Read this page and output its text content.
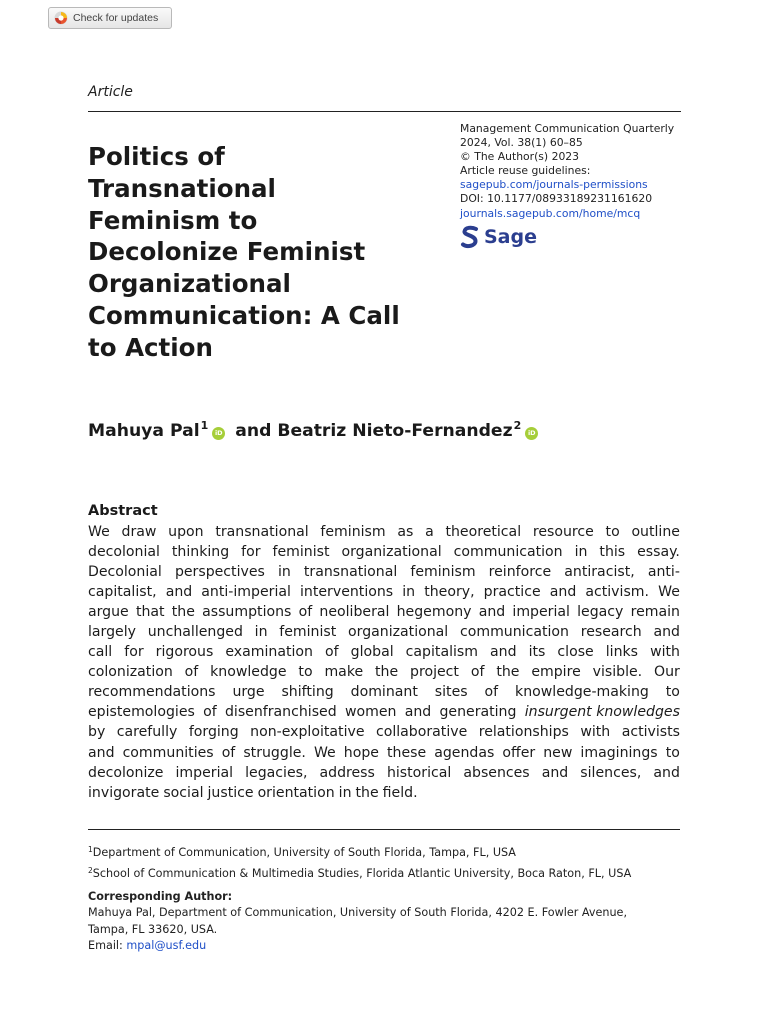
Check for updates
Article
Politics of
Transnational
Feminism to
Decolonize Feminist
Organizational
Communication: A Call
to Action
Management Communication Quarterly
2024, Vol. 38(1) 60–85
© The Author(s) 2023
Article reuse guidelines:
sagepub.com/journals-permissions
DOI: 10.1177/08933189231161620
journals.sagepub.com/home/mcq
Sage
Mahuya Pal$^1$iD and Beatriz Nieto-Fernandez$^2$iD
Abstract
We draw upon transnational feminism as a theoretical resource to outline
decolonial thinking for feminist organizational communication in this essay.
Decolonial perspectives in transnational feminism reinforce antiracist, anti-
capitalist, and anti-imperial interventions in theory, practice and activism. We
argue that the assumptions of neoliberal hegemony and imperial legacy remain
largely unchallenged in feminist organizational communication research and
call for rigorous examination of global capitalism and its close links with
colonization of knowledge to make the project of the empire visible. Our
recommendations urge shifting dominant sites of knowledge-making to
epistemologies of disenfranchised women and generating insurgent knowledges
by carefully forging non-exploitative collaborative relationships with activists
and communities of struggle. We hope these agendas offer new imaginings to
decolonize imperial legacies, address historical absences and silences, and
invigorate social justice orientation in the field.
$^1$Department of Communication, University of South Florida, Tampa, FL, USA
$^2$School of Communication & Multimedia Studies, Florida Atlantic University, Boca Raton, FL, USA
Corresponding Author:
Mahuya Pal, Department of Communication, University of South Florida, 4202 E. Fowler Avenue,
Tampa, FL 33620, USA.
Email: mpal@usf.edu
